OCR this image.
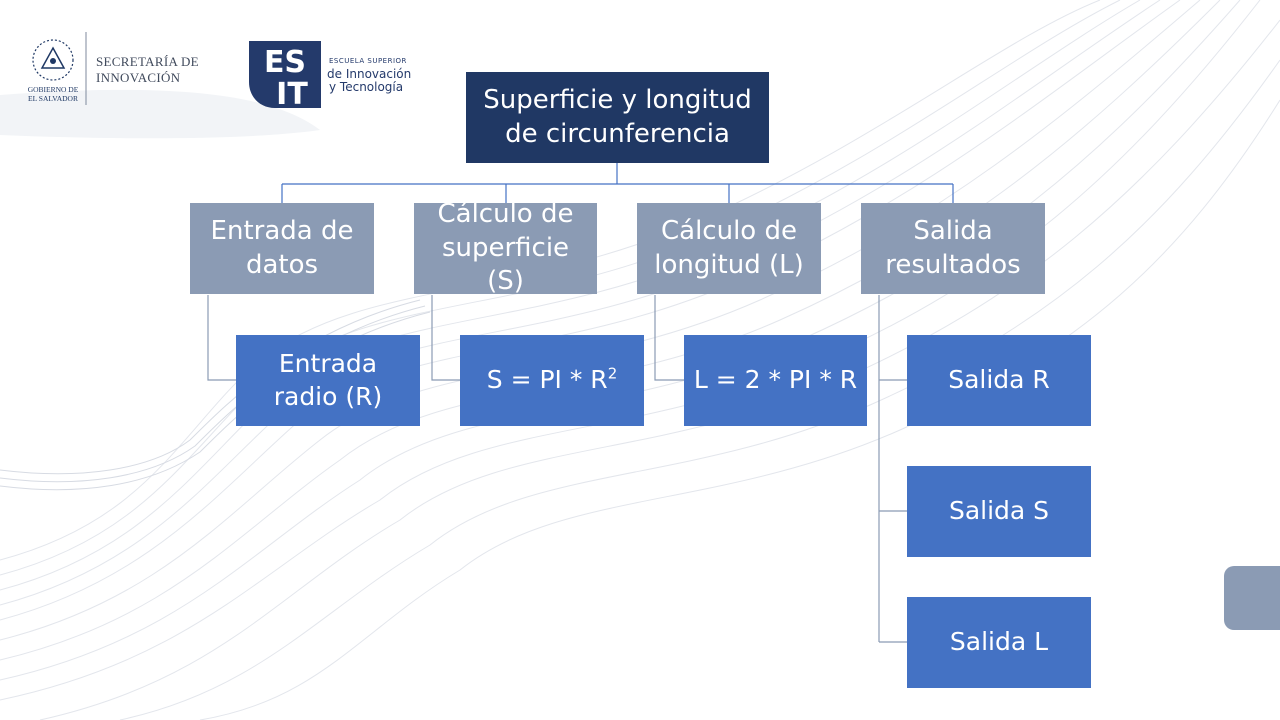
GOBIERNO DE
EL SALVADOR
SECRETARÍA DE
INNOVACIÓN	ES
IT
ESCUELA SUPERIOR
de Innovación
y Tecnología	Superficie y longitud
de circunferencia
Entrada de
datos
Cálculo de
superficie (S)
Cálculo de
longitud (L)
Salida
resultados
Entrada
radio (R)
S = PI * $R^2$	L = 2 * PI * R	Salida R
Salida S
Salida L
